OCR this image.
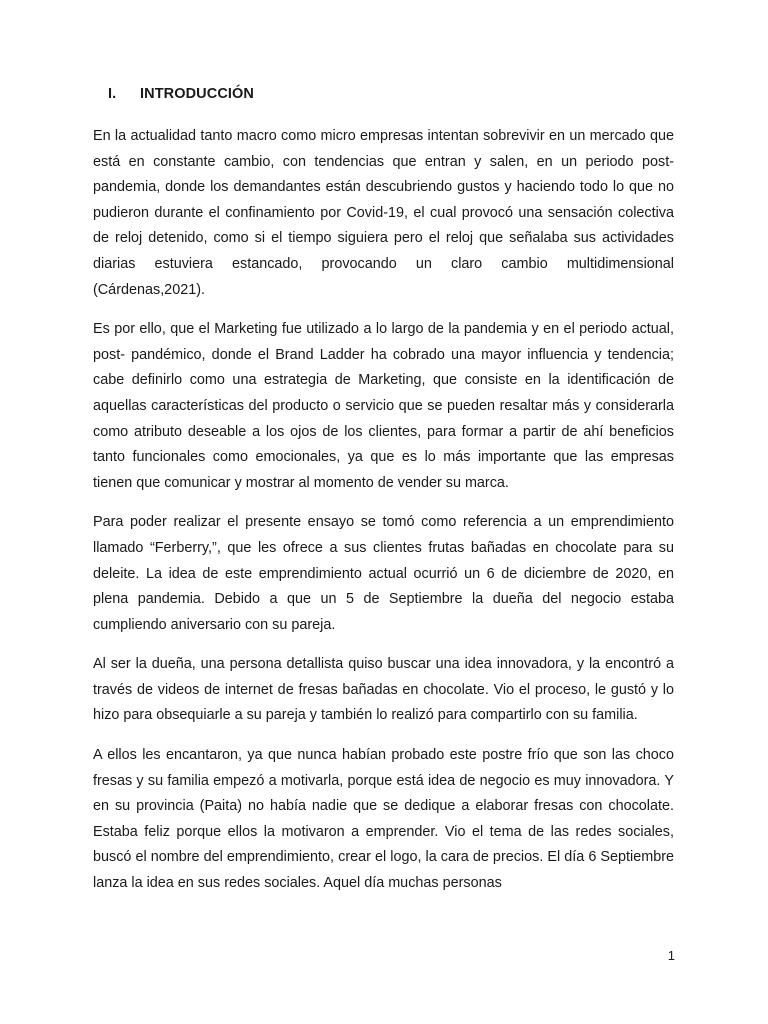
I. INTRODUCCIÓN

En la actualidad tanto macro como micro empresas intentan sobrevivir en un mercado que está en constante cambio, con tendencias que entran y salen, en un periodo post-pandemia, donde los demandantes están descubriendo gustos y haciendo todo lo que no pudieron durante el confinamiento por Covid-19, el cual provocó una sensación colectiva de reloj detenido, como si el tiempo siguiera pero el reloj que señalaba sus actividades diarias estuviera estancado, provocando un claro cambio multidimensional (Cárdenas,2021).

Es por ello, que el Marketing fue utilizado a lo largo de la pandemia y en el periodo actual, post- pandémico, donde el Brand Ladder ha cobrado una mayor influencia y tendencia; cabe definirlo como una estrategia de Marketing, que consiste en la identificación de aquellas características del producto o servicio que se pueden resaltar más y considerarla como atributo deseable a los ojos de los clientes, para formar a partir de ahí beneficios tanto funcionales como emocionales, ya que es lo más importante que las empresas tienen que comunicar y mostrar al momento de vender su marca.

Para poder realizar el presente ensayo se tomó como referencia a un emprendimiento llamado “Ferberry,”, que les ofrece a sus clientes frutas bañadas en chocolate para su deleite. La idea de este emprendimiento actual ocurrió un 6 de diciembre de 2020, en plena pandemia. Debido a que un 5 de Septiembre la dueña del negocio estaba cumpliendo aniversario con su pareja.

Al ser la dueña, una persona detallista quiso buscar una idea innovadora, y la encontró a través de videos de internet de fresas bañadas en chocolate. Vio el proceso, le gustó y lo hizo para obsequiarle a su pareja y también lo realizó para compartirlo con su familia.

A ellos les encantaron, ya que nunca habían probado este postre frío que son las choco fresas y su familia empezó a motivarla, porque está idea de negocio es muy innovadora. Y en su provincia (Paita) no había nadie que se dedique a elaborar fresas con chocolate. Estaba feliz porque ellos la motivaron a emprender. Vio el tema de las redes sociales, buscó el nombre del emprendimiento, crear el logo, la cara de precios. El día 6 Septiembre lanza la idea en sus redes sociales. Aquel día muchas personas

1
